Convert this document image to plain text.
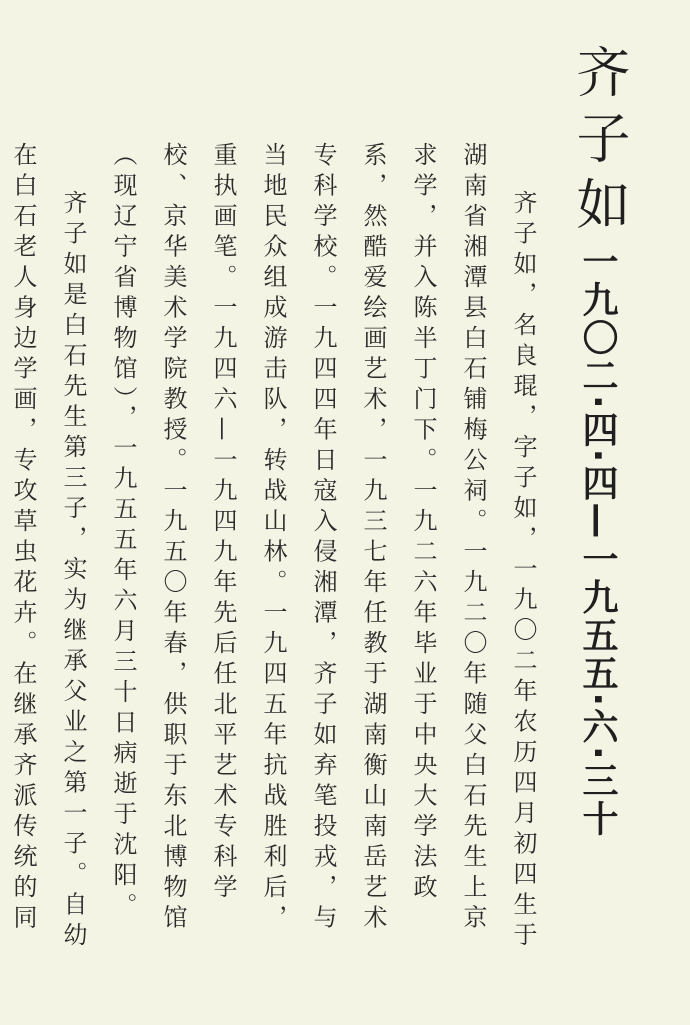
齐子如
一九〇二·四·四—一九五五·六·三十

齐子如，名良琨，字子如，一九〇二年农历四月初四生于湖南省湘潭县白石铺梅公祠。一九二〇年随父白石先生上京求学，并入陈半丁门下。一九二六年毕业于中央大学法政系，然酷爱绘画艺术，一九三七年任教于湖南衡山南岳艺术专科学校。一九四四年日寇入侵湘潭，齐子如弃笔投戎，与当地民众组成游击队，转战山林。一九四五年抗战胜利后，重执画笔。一九四六—一九四九年先后任北平艺术专科学校、京华美术学院教授。一九五〇年春，供职于东北博物馆（现辽宁省博物馆），一九五五年六月三十日病逝于沈阳。

齐子如是白石先生第三子，实为继承父业之第一子。自幼在白石老人身边学画，专攻草虫花卉。在继承齐派传统的同
